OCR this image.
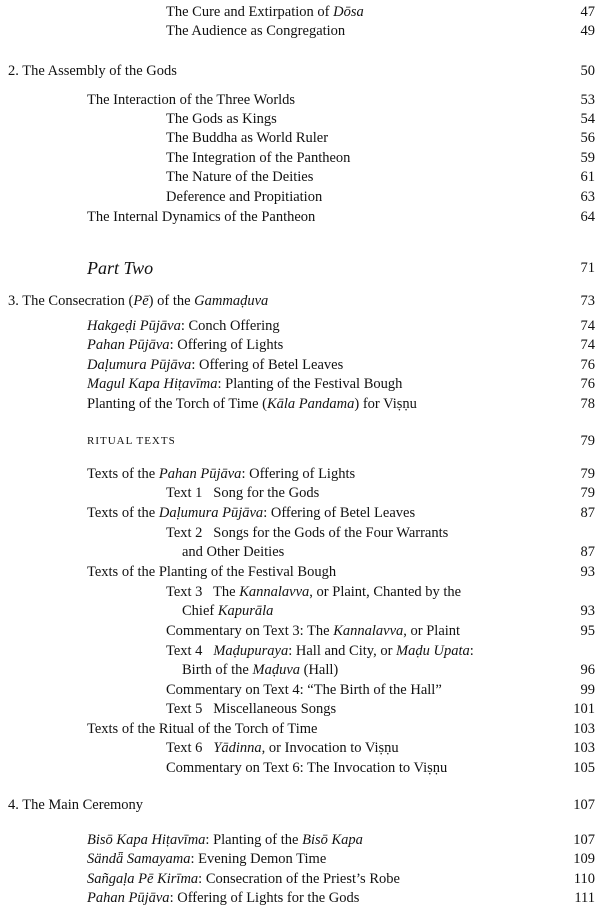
The Cure and Extirpation of Dōsa	47
The Audience as Congregation	49
2. The Assembly of the Gods	50
The Interaction of the Three Worlds	53
The Gods as Kings	54
The Buddha as World Ruler	56
The Integration of the Pantheon	59
The Nature of the Deities	61
Deference and Propitiation	63
The Internal Dynamics of the Pantheon	64
Part Two	71
3. The Consecration (Pē) of the Gammaḍuva	73
Hakgeḍi Pūjāva: Conch Offering	74
Pahan Pūjāva: Offering of Lights	74
Daḷumura Pūjāva: Offering of Betel Leaves	76
Magul Kapa Hiṭavīma: Planting of the Festival Bough	76
Planting of the Torch of Time (Kāla Pandama) for Viṣṇu	78
RITUAL TEXTS	79
Texts of the Pahan Pūjāva: Offering of Lights	79
Text 1   Song for the Gods	79
Texts of the Daḷumura Pūjāva: Offering of Betel Leaves	87
Text 2   Songs for the Gods of the Four Warrants
and Other Deities	87
Texts of the Planting of the Festival Bough	93
Text 3   The Kannalavva, or Plaint, Chanted by the
Chief Kapurāla	93
Commentary on Text 3: The Kannalavva, or Plaint	95
Text 4   Maḍupuraya: Hall and City, or Maḍu Upata:
Birth of the Maḍuva (Hall)	96
Commentary on Text 4: “The Birth of the Hall”	99
Text 5   Miscellaneous Songs	101
Texts of the Ritual of the Torch of Time	103
Text 6   Yādinna, or Invocation to Viṣṇu	103
Commentary on Text 6: The Invocation to Viṣṇu	105
4. The Main Ceremony	107
Bisō Kapa Hiṭavīma: Planting of the Bisō Kapa	107
Sändǟ Samayama: Evening Demon Time	109
Sañgaḷa Pē Kirīma: Consecration of the Priest’s Robe	110
Pahan Pūjāva: Offering of Lights for the Gods	111
